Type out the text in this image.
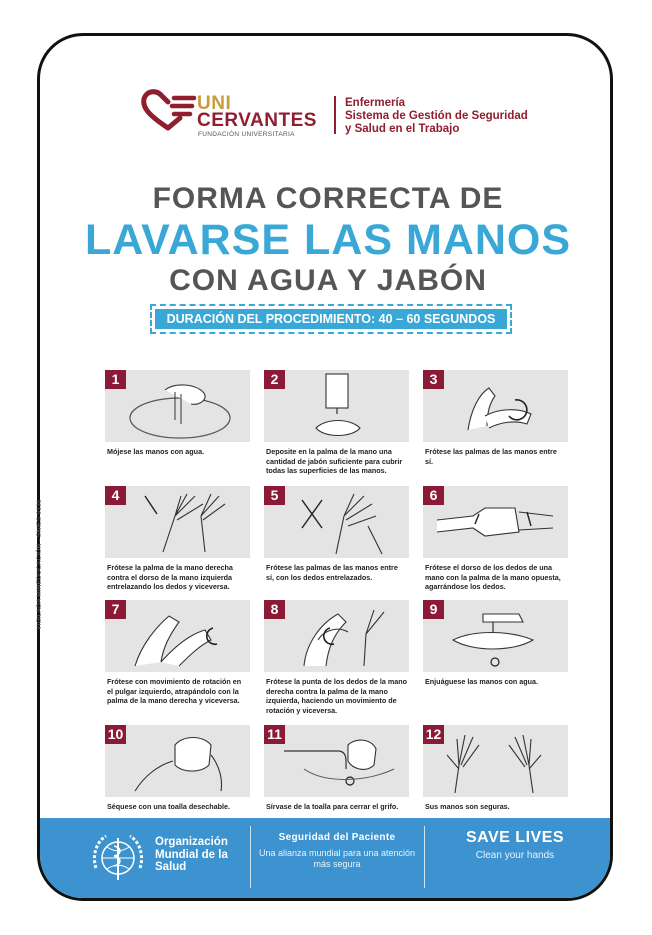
UNI
CERVANTES
FUNDACIÓN UNIVERSITARIA
Enfermería
Sistema de Gestión de Seguridad
y Salud en el Trabajo
FORMA CORRECTA DE
LAVARSE LAS MANOS
CON AGUA Y JABÓN
DURACIÓN DEL PROCEDIMIENTO: 40 – 60 SEGUNDOS
1
Mójese las manos con agua.
2
Deposite en la palma de la mano una cantidad de jabón suficiente para cubrir todas las superficies de las manos.
3
Frótese las palmas de las manos entre sí.
4
Frótese la palma de la mano derecha contra el dorso de la mano izquierda entrelazando los dedos y viceversa.
5
Frótese las palmas de las manos entre sí, con los dedos entrelazados.
6
Frótese el dorso de los dedos de una mano con la palma de la mano opuesta, agarrándose los dedos.
7
Frótese con movimiento de rotación en el pulgar izquierdo, atrapándolo con la palma de la mano derecha y viceversa.
8
Frótese la punta de los dedos de la mano derecha contra la palma de la mano izquierda, haciendo un movimiento de rotación y viceversa.
9
Enjuáguese las manos con agua.
10
Séquese con una toalla desechable.
11
Sírvase de la toalla para cerrar el grifo.
12
Sus manos son seguras.
Organización
Mundial de la
Salud
Seguridad del Paciente
Una alianza mundial para una atención más segura
SAVE LIVES
Clean your hands
VIGILADA MINEDUCACIÓN - SNIES 9131
